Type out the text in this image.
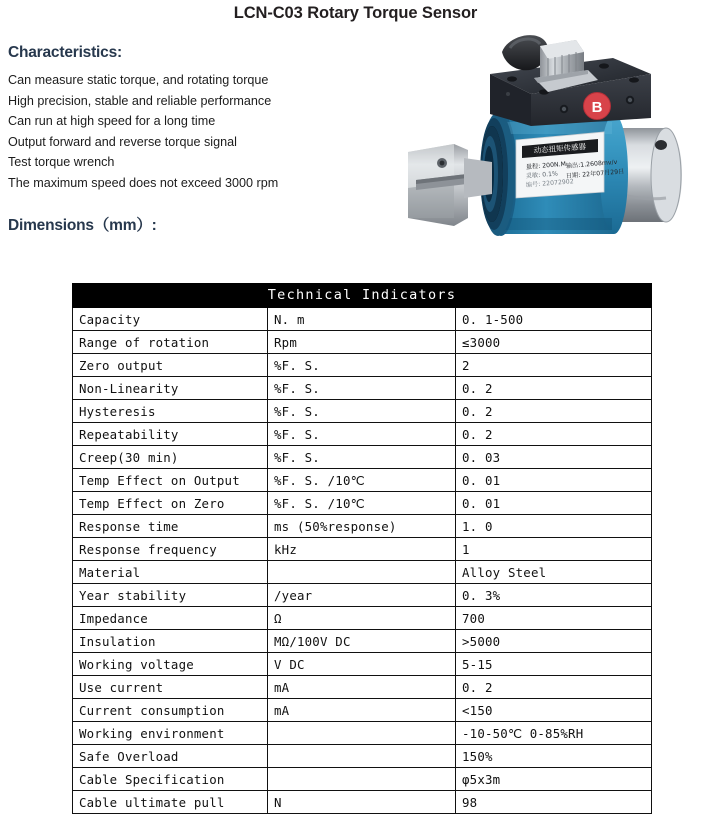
LCN-C03 Rotary Torque Sensor
Characteristics:
Can measure static torque, and rotating torque
High precision, stable and reliable performance
Can run at high speed for a long time
Output forward and reverse torque signal
Test torque wrench
The maximum speed does not exceed 3000 rpm
Dimensions（mm）:
B
动态扭矩传感器
量程: 200N.M
灵敏: 0.1%
编号: 22072902
输出:1.2608mv/v
日期: 22年07月29日
Technical Indicators		
Capacity	N. m	0. 1-500
Range of rotation	Rpm	≤3000
Zero output	%F. S.	2
Non-Linearity	%F. S.	0. 2
Hysteresis	%F. S.	0. 2
Repeatability	%F. S.	0. 2
Creep(30 min)	%F. S.	0. 03
Temp Effect on Output	%F. S. /10℃	0. 01
Temp Effect on Zero	%F. S. /10℃	0. 01
Response time	ms (50%response)	1. 0
Response frequency	kHz	1
Material		Alloy Steel
Year stability	/year	0. 3%
Impedance	Ω	700
Insulation	MΩ/100V DC	>5000
Working voltage	V DC	5-15
Use current	mA	0. 2
Current consumption	mA	<150
Working environment		-10-50℃ 0-85%RH
Safe Overload		150%
Cable Specification		φ5x3m
Cable ultimate pull	N	98
